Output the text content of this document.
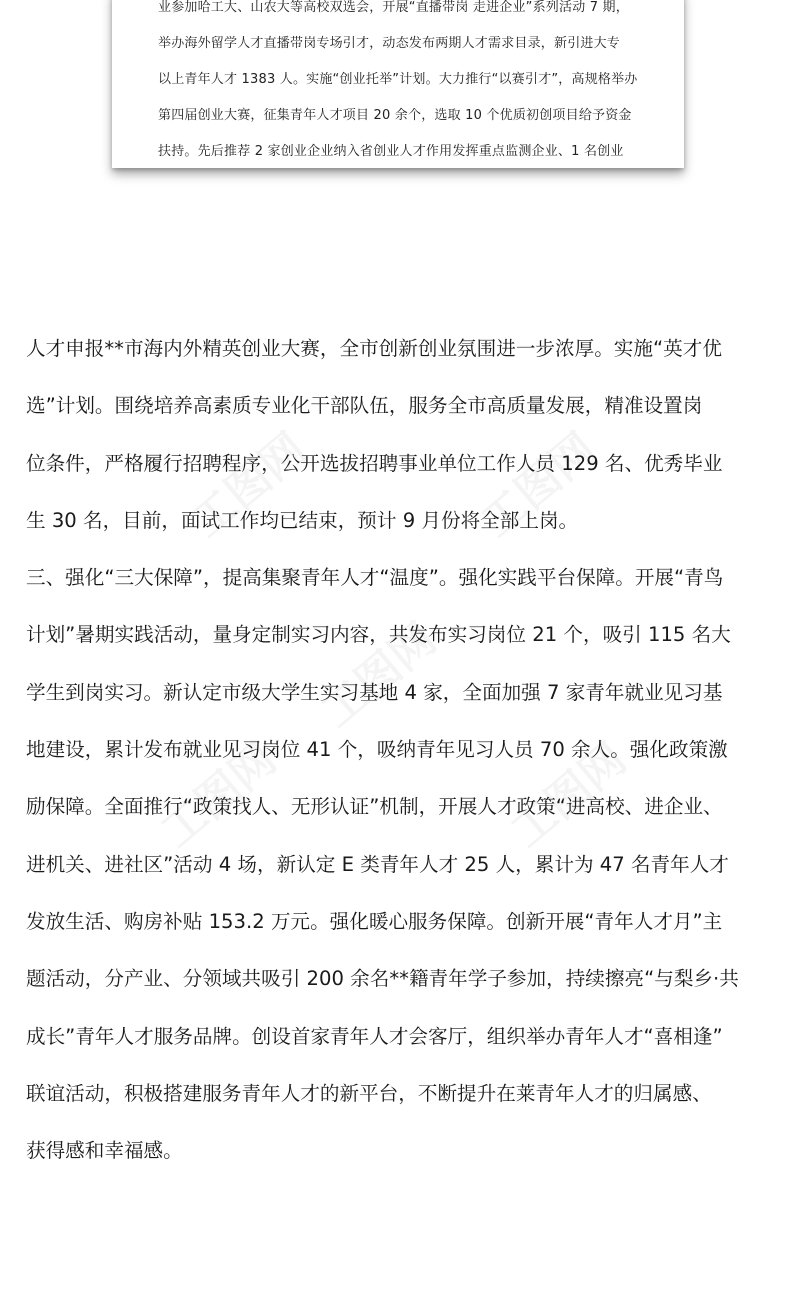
业参加哈工大、山农大等高校双选会，开展“直播带岗 走进企业”系列活动 7 期，
举办海外留学人才直播带岗专场引才，动态发布两期人才需求目录，新引进大专
以上青年人才 1383 人。实施“创业托举”计划。大力推行“以赛引才”，高规格举办
第四届创业大赛，征集青年人才项目 20 余个，选取 10 个优质初创项目给予资金
扶持。先后推荐 2 家创业企业纳入省创业人才作用发挥重点监测企业、1 名创业

人才申报**市海内外精英创业大赛，全市创新创业氛围进一步浓厚。实施“英才优
选”计划。围绕培养高素质专业化干部队伍，服务全市高质量发展，精准设置岗
位条件，严格履行招聘程序，公开选拔招聘事业单位工作人员 129 名、优秀毕业
生 30 名，目前，面试工作均已结束，预计 9 月份将全部上岗。
三、强化“三大保障”，提高集聚青年人才“温度”。强化实践平台保障。开展“青鸟
计划”暑期实践活动，量身定制实习内容，共发布实习岗位 21 个，吸引 115 名大
学生到岗实习。新认定市级大学生实习基地 4 家，全面加强 7 家青年就业见习基
地建设，累计发布就业见习岗位 41 个，吸纳青年见习人员 70 余人。强化政策激
励保障。全面推行“政策找人、无形认证”机制，开展人才政策“进高校、进企业、
进机关、进社区”活动 4 场，新认定 E 类青年人才 25 人，累计为 47 名青年人才
发放生活、购房补贴 153.2 万元。强化暖心服务保障。创新开展“青年人才月”主
题活动，分产业、分领域共吸引 200 余名**籍青年学子参加，持续擦亮“与梨乡·共
成长”青年人才服务品牌。创设首家青年人才会客厅，组织举办青年人才“喜相逢”
联谊活动，积极搭建服务青年人才的新平台，不断提升在莱青年人才的归属感、
获得感和幸福感。
